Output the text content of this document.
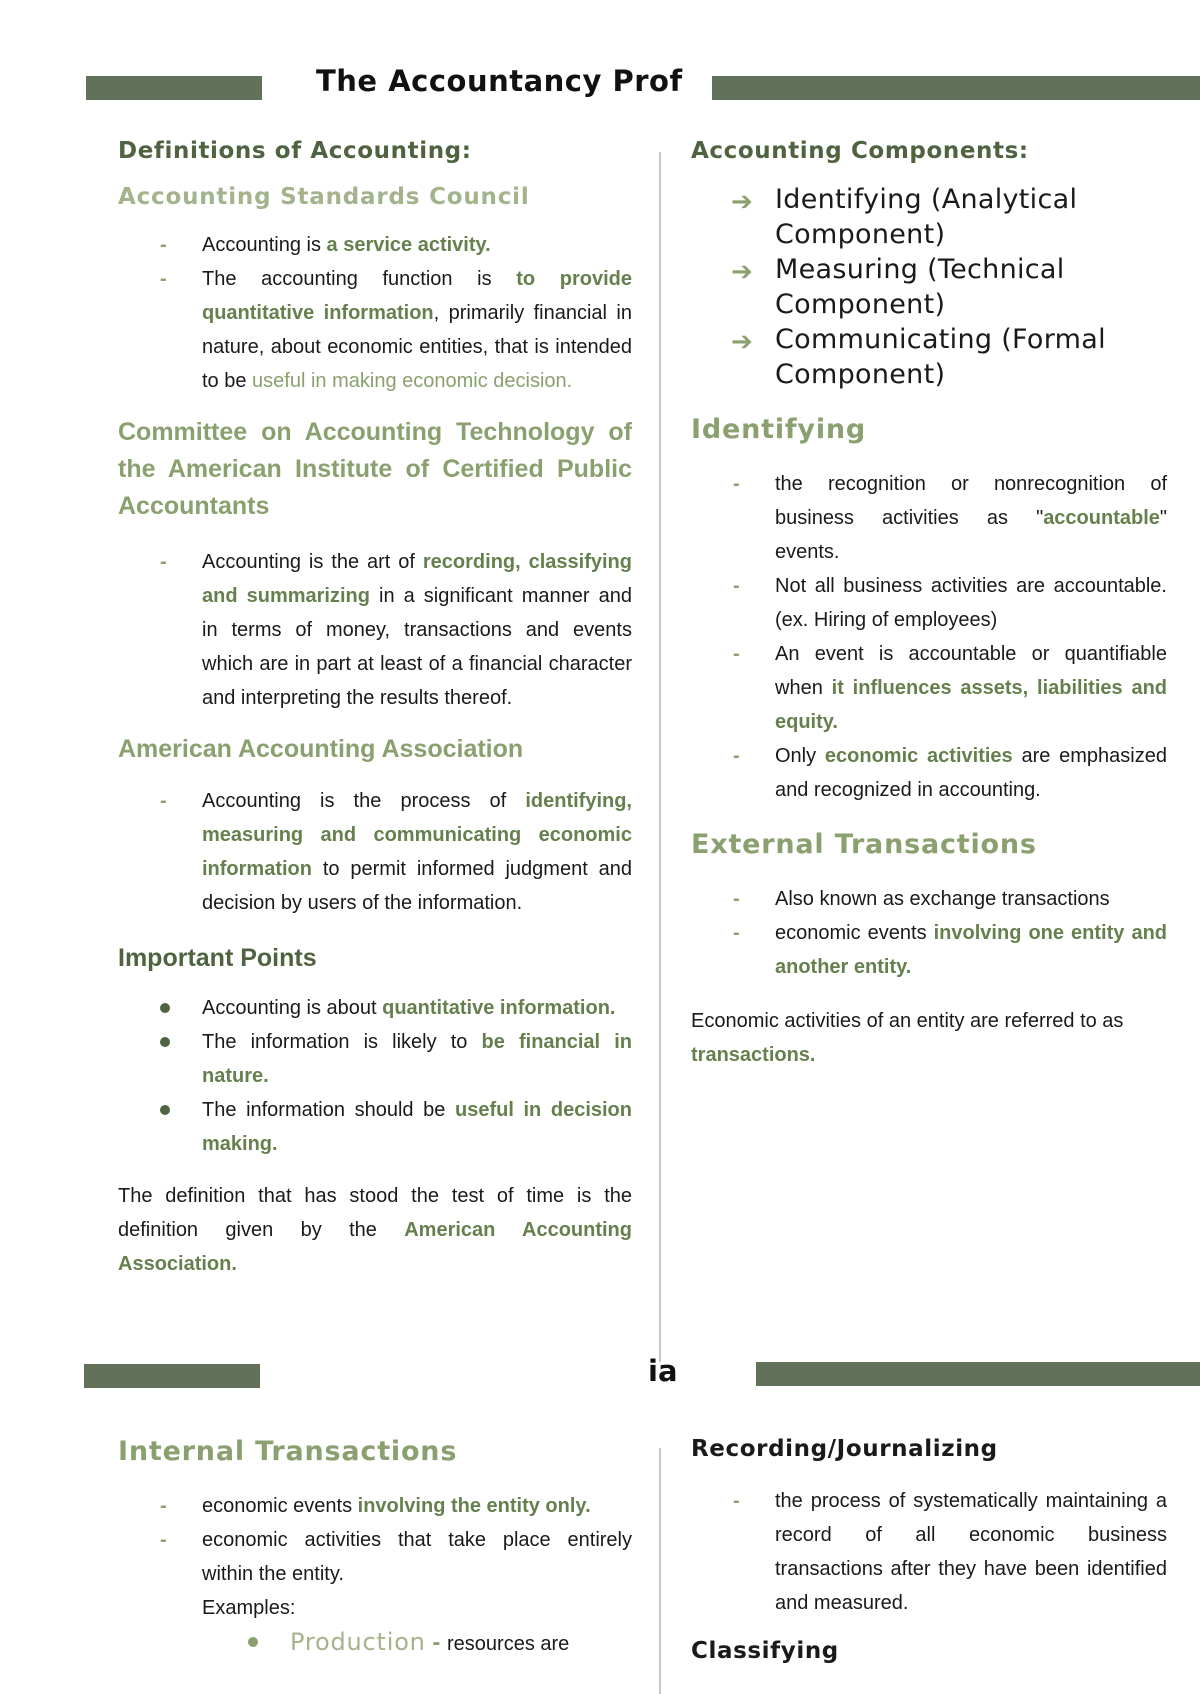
The Accountancy Prof
Definitions of Accounting:
Accounting Standards Council
- Accounting is a service activity.
- The accounting function is to provide quantitative information, primarily financial in nature, about economic entities, that is intended to be useful in making economic decision.
Committee on Accounting Technology of the American Institute of Certified Public Accountants
- Accounting is the art of recording, classifying and summarizing in a significant manner and in terms of money, transactions and events which are in part at least of a financial character and interpreting the results thereof.
American Accounting Association
- Accounting is the process of identifying, measuring and communicating economic information to permit informed judgment and decision by users of the information.
Important Points
Accounting is about quantitative information.
The information is likely to be financial in nature.
The information should be useful in decision making.

The definition that has stood the test of time is the definition given by the American Accounting Association.

ia
Internal Transactions
- economic events involving the entity only.
- economic activities that take place entirely within the entity.

Examples:

Production - resources are
Accounting Components:
➔ Identifying (Analytical Component)

➔ Measuring (Technical Component)

➔ Communicating (Formal Component)

Identifying
- the recognition or nonrecognition of business activities as "accountable" events.
- Not all business activities are accountable. (ex. Hiring of employees)
- An event is accountable or quantifiable when it influences assets, liabilities and equity.
- Only economic activities are emphasized and recognized in accounting.
External Transactions
- Also known as exchange transactions
- economic events involving one entity and another entity.

Economic activities of an entity are referred to as transactions.

Recording/Journalizing
- the process of systematically maintaining a record of all economic business transactions after they have been identified and measured.
Classifying
